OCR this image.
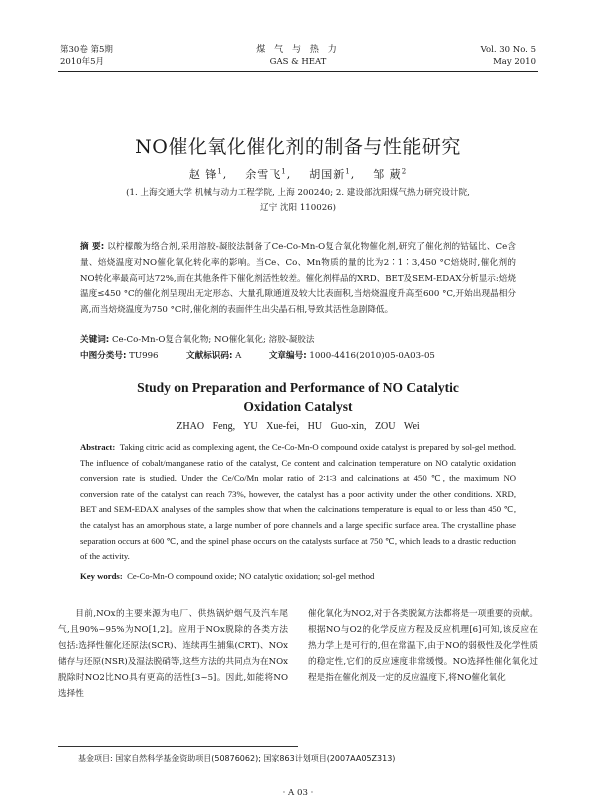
第30卷 第5期
2010年5月
煤 气 与 热 力
GAS & HEAT
Vol. 30 No. 5
May 2010
NO催化氧化催化剂的制备与性能研究
赵 锋$^1$,    余雪飞$^1$,    胡国新$^1$,    邹 葳$^2$
(1. 上海交通大学 机械与动力工程学院, 上海 200240; 2. 建设部沈阳煤气热力研究设计院,
辽宁 沈阳 110026)
摘 要: 以柠檬酸为络合剂,采用溶胶-凝胶法制备了Ce-Co-Mn-O复合氧化物催化剂,研究了催化剂的钴锰比、Ce含量、焙烧温度对NO催化氧化转化率的影响。当Ce、Co、Mn物质的量的比为2∶1∶3,450 °C焙烧时,催化剂的NO转化率最高可达72%,而在其他条件下催化剂活性较差。催化剂样品的XRD、BET及SEM-EDAX分析显示:焙烧温度≤450 °C的催化剂呈现出无定形态、大量孔隙通道及较大比表面积,当焙烧温度升高至600 °C,开始出现晶相分离,而当焙烧温度为750 °C时,催化剂的表面伴生出尖晶石相,导致其活性急剧降低。
关键词: Ce-Co-Mn-O复合氧化物; NO催化氧化; 溶胶-凝胶法
中图分类号: TU996	文献标识码: A	文章编号: 1000-4416(2010)05-0A03-05
Study on Preparation and Performance of NO Catalytic
Oxidation Catalyst
ZHAO Feng, YU Xue-fei, HU Guo-xin, ZOU Wei
Abstract: Taking citric acid as complexing agent, the Ce-Co-Mn-O compound oxide catalyst is prepared by sol-gel method. The influence of cobalt/manganese ratio of the catalyst, Ce content and calcination temperature on NO catalytic oxidation conversion rate is studied. Under the Ce/Co/Mn molar ratio of 2∶1∶3 and calcinations at 450 ℃, the maximum NO conversion rate of the catalyst can reach 73%, however, the catalyst has a poor activity under the other conditions. XRD, BET and SEM-EDAX analyses of the samples show that when the calcinations temperature is equal to or less than 450 ℃, the catalyst has an amorphous state, a large number of pore channels and a large specific surface area. The crystalline phase separation occurs at 600 ℃, and the spinel phase occurs on the catalysts surface at 750 ℃, which leads to a drastic reduction of the activity.
Key words: Ce-Co-Mn-O compound oxide; NO catalytic oxidation; sol-gel method
目前,NOx的主要来源为电厂、供热锅炉烟气及汽车尾气,且90%~95%为NO[1,2]。应用于NOx脱除的各类方法包括:选择性催化还原法(SCR)、连续再生捕集(CRT)、NOx储存与还原(NSR)及湿法脱硝等,这些方法的共同点为在NOx脱除时NO2比NO具有更高的活性[3~5]。因此,如能将NO选择性
催化氧化为NO2,对于各类脱氮方法都将是一项重要的贡献。根据NO与O2的化学反应方程及反应机理[6]可知,该反应在热力学上是可行的,但在常温下,由于NO的弱极性及化学性质的稳定性,它们的反应速度非常缓慢。NO选择性催化氧化过程是指在催化剂及一定的反应温度下,将NO催化氧化
基金项目: 国家自然科学基金资助项目(50876062); 国家863计划项目(2007AA05Z313)
· A 03 ·
